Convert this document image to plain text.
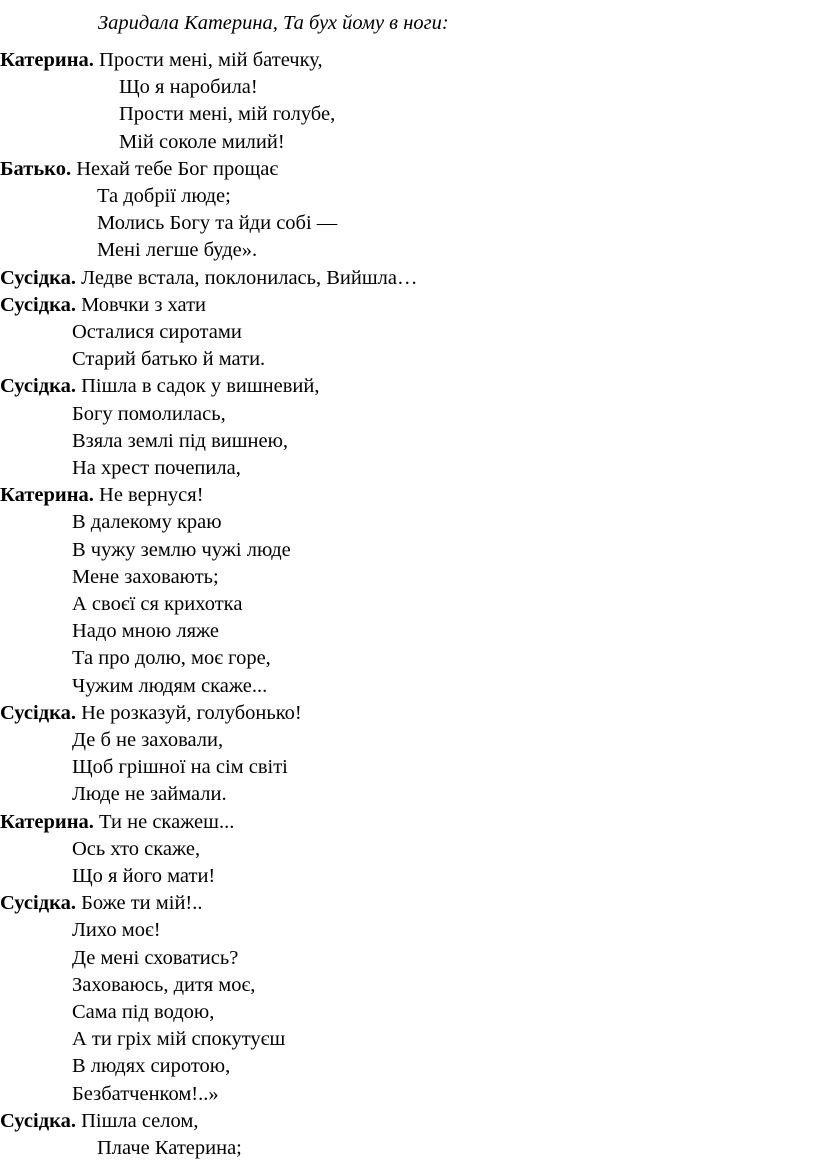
Заридала Катерина, Та бух йому в ноги:
Катерина. Прости мені, мій батечку,
Що я наробила!
Прости мені, мій голубе,
Мій соколе милий!
Батько. Нехай тебе Бог прощає
Та добрії люде;
Молись Богу та йди собі —
Мені легше буде».
Сусідка. Ледве встала, поклонилась, Вийшла…
Сусідка. Мовчки з хати
Осталися сиротами
Старий батько й мати.
Сусідка. Пішла в садок у вишневий,
Богу помолилась,
Взяла землі під вишнею,
На хрест почепила,
Катерина. Не вернуся!
В далекому краю
В чужу землю чужі люде
Мене заховають;
А своєї ся крихотка
Надо мною ляже
Та про долю, моє горе,
Чужим людям скаже...
Сусідка. Не розказуй, голубонько!
Де б не заховали,
Щоб грішної на сім світі
Люде не займали.
Катерина. Ти не скажеш...
Ось хто скаже,
Що я його мати!
Сусідка. Боже ти мій!..
Лихо моє!
Де мені сховатись?
Заховаюсь, дитя моє,
Сама під водою,
А ти гріх мій спокутуєш
В людях сиротою,
Безбатченком!..»
Сусідка. Пішла селом,
Плаче Катерина;
